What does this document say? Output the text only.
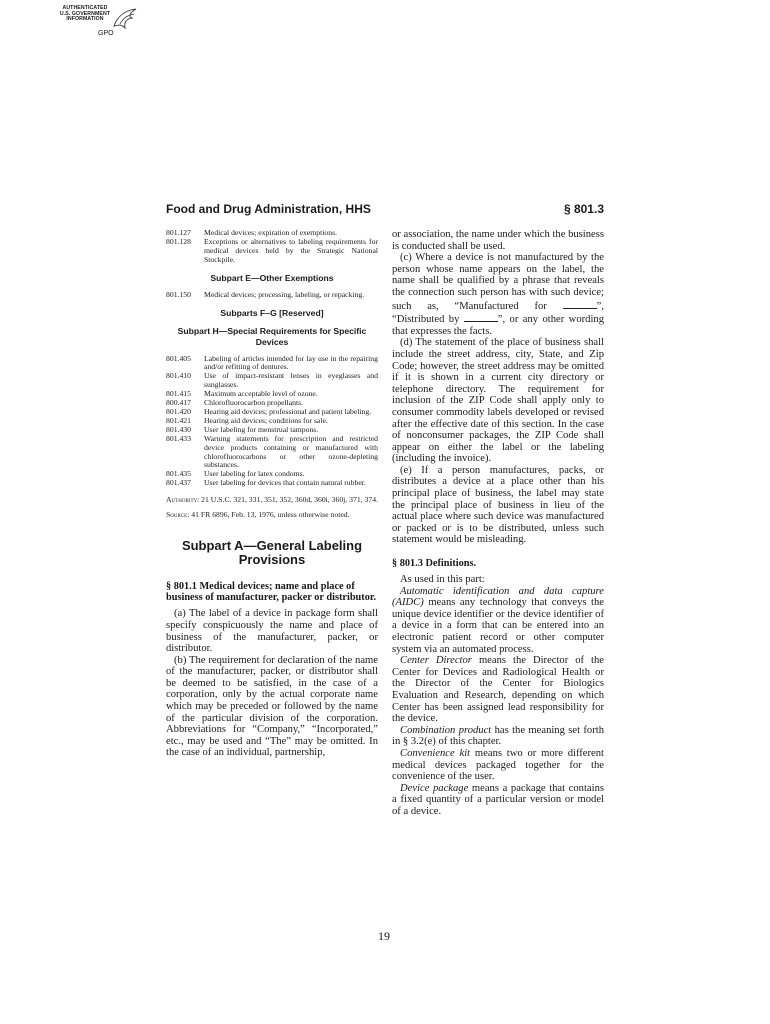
AUTHENTICATED
U.S. GOVERNMENT
INFORMATION
GPO
Food and Drug Administration, HHS	§ 801.3
801.127	Medical devices; expiration of exemptions.
801.128	Exceptions or alternatives to labeling requirements for medical devices held by the Strategic National Stockpile.
Subpart E—Other Exemptions
801.150	Medical devices; processing, labeling, or repacking.
Subparts F–G [Reserved]
Subpart H—Special Requirements for Specific Devices
801.405	Labeling of articles intended for lay use in the repairing and/or refitting of dentures.
801.410	Use of impact-resistant lenses in eyeglasses and sunglasses.
801.415	Maximum acceptable level of ozone.
800.417	Chlorofluorocarbon propellants.
801.420	Hearing aid devices; professional and patient labeling.
801.421	Hearing aid devices; conditions for sale.
801.430	User labeling for menstrual tampons.
801.433	Warning statements for prescription and restricted device products containing or manufactured with chlorofluorocarbons or other ozone-depleting substances.
801.435	User labeling for latex condoms.
801.437	User labeling for devices that contain natural rubber.
Authority: 21 U.S.C. 321, 331, 351, 352, 360d, 360i, 360j, 371, 374.
Source: 41 FR 6896, Feb. 13, 1976, unless otherwise noted.
Subpart A—General Labeling Provisions
§ 801.1 Medical devices; name and place of business of manufacturer, packer or distributor.

(a) The label of a device in package form shall specify conspicuously the name and place of business of the manufacturer, packer, or distributor.

(b) The requirement for declaration of the name of the manufacturer, packer, or distributor shall be deemed to be satisfied, in the case of a corporation, only by the actual corporate name which may be preceded or followed by the name of the particular division of the corporation. Abbreviations for “Company,” “Incorporated,” etc., may be used and “The” may be omitted. In the case of an individual, partnership,

or association, the name under which the business is conducted shall be used.

(c) Where a device is not manufactured by the person whose name appears on the label, the name shall be qualified by a phrase that reveals the connection such person has with such device; such as, “Manufactured for	”, “Distributed by	”, or any other wording that expresses the facts.

(d) The statement of the place of business shall include the street address, city, State, and Zip Code; however, the street address may be omitted if it is shown in a current city directory or telephone directory. The requirement for inclusion of the ZIP Code shall apply only to consumer commodity labels developed or revised after the effective date of this section. In the case of nonconsumer packages, the ZIP Code shall appear on either the label or the labeling (including the invoice).

(e) If a person manufactures, packs, or distributes a device at a place other than his principal place of business, the label may state the principal place of business in lieu of the actual place where such device was manufactured or packed or is to be distributed, unless such statement would be misleading.

§ 801.3 Definitions.

As used in this part:

Automatic identification and data capture (AIDC) means any technology that conveys the unique device identifier or the device identifier of a device in a form that can be entered into an electronic patient record or other computer system via an automated process.

Center Director means the Director of the Center for Devices and Radiological Health or the Director of the Center for Biologics Evaluation and Research, depending on which Center has been assigned lead responsibility for the device.

Combination product has the meaning set forth in § 3.2(e) of this chapter.

Convenience kit means two or more different medical devices packaged together for the convenience of the user.

Device package means a package that contains a fixed quantity of a particular version or model of a device.

19
